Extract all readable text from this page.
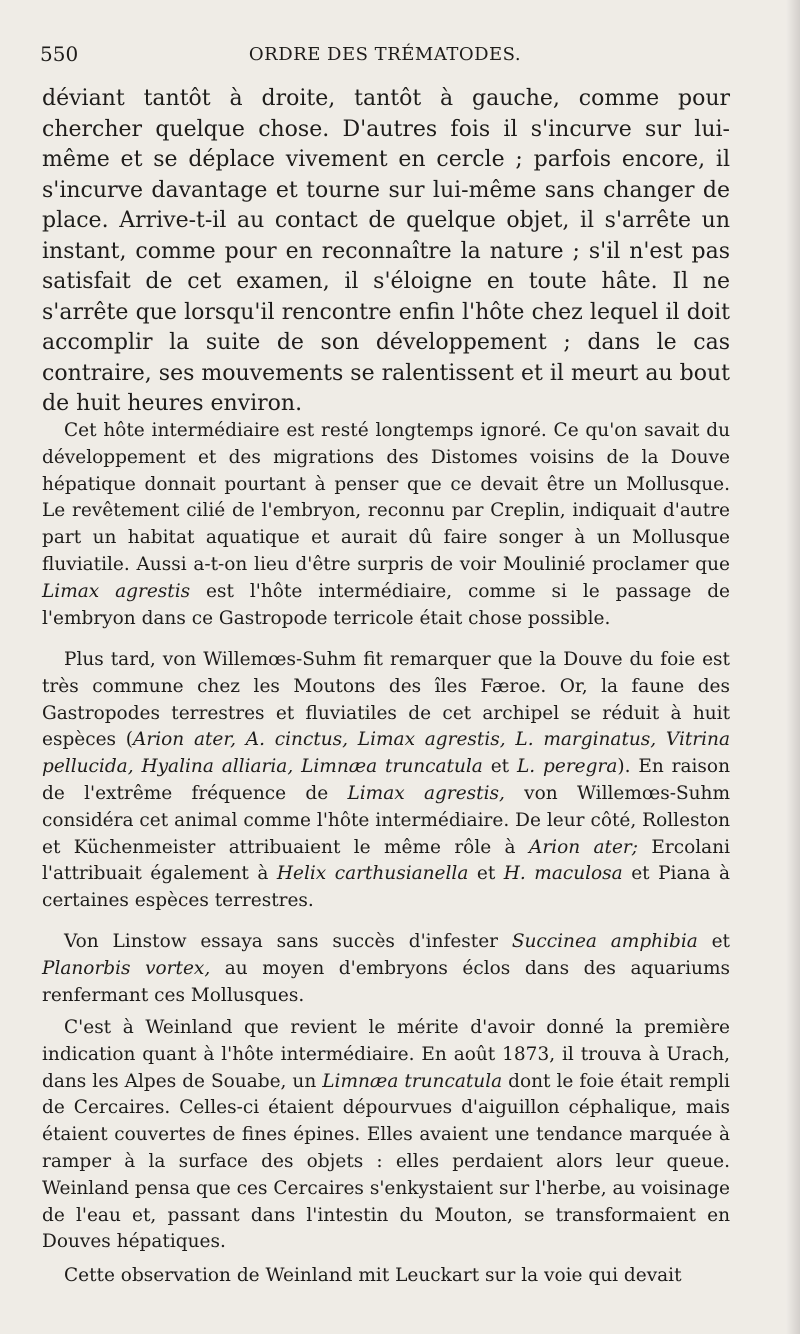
550	ORDRE DES TRÉMATODES.

déviant tantôt à droite, tantôt à gauche, comme pour chercher quelque chose. D'autres fois il s'incurve sur lui-même et se déplace vivement en cercle ; parfois encore, il s'incurve davantage et tourne sur lui-même sans changer de place. Arrive-t-il au contact de quelque objet, il s'arrête un instant, comme pour en reconnaître la nature ; s'il n'est pas satisfait de cet examen, il s'éloigne en toute hâte. Il ne s'arrête que lorsqu'il rencontre enfin l'hôte chez lequel il doit accomplir la suite de son développement ; dans le cas contraire, ses mouvements se ralentissent et il meurt au bout de huit heures environ.

Cet hôte intermédiaire est resté longtemps ignoré. Ce qu'on savait du développement et des migrations des Distomes voisins de la Douve hépatique donnait pourtant à penser que ce devait être un Mollusque. Le revêtement cilié de l'embryon, reconnu par Creplin, indiquait d'autre part un habitat aquatique et aurait dû faire songer à un Mollusque fluviatile. Aussi a-t-on lieu d'être surpris de voir Moulinié proclamer que Limax agrestis est l'hôte intermédiaire, comme si le passage de l'embryon dans ce Gastropode terricole était chose possible.

Plus tard, von Willemœs-Suhm fit remarquer que la Douve du foie est très commune chez les Moutons des îles Færoe. Or, la faune des Gastropodes terrestres et fluviatiles de cet archipel se réduit à huit espèces (Arion ater, A. cinctus, Limax agrestis, L. marginatus, Vitrina pellucida, Hyalina alliaria, Limnæa truncatula et L. peregra). En raison de l'extrême fréquence de Limax agrestis, von Willemœs-Suhm considéra cet animal comme l'hôte intermédiaire. De leur côté, Rolleston et Küchenmeister attribuaient le même rôle à Arion ater; Ercolani l'attribuait également à Helix carthusianella et H. maculosa et Piana à certaines espèces terrestres.

Von Linstow essaya sans succès d'infester Succinea amphibia et Planorbis vortex, au moyen d'embryons éclos dans des aquariums renfermant ces Mollusques.

C'est à Weinland que revient le mérite d'avoir donné la première indication quant à l'hôte intermédiaire. En août 1873, il trouva à Urach, dans les Alpes de Souabe, un Limnæa truncatula dont le foie était rempli de Cercaires. Celles-ci étaient dépourvues d'aiguillon céphalique, mais étaient couvertes de fines épines. Elles avaient une tendance marquée à ramper à la surface des objets : elles perdaient alors leur queue. Weinland pensa que ces Cercaires s'enkystaient sur l'herbe, au voisinage de l'eau et, passant dans l'intestin du Mouton, se transformaient en Douves hépatiques.

Cette observation de Weinland mit Leuckart sur la voie qui devait
